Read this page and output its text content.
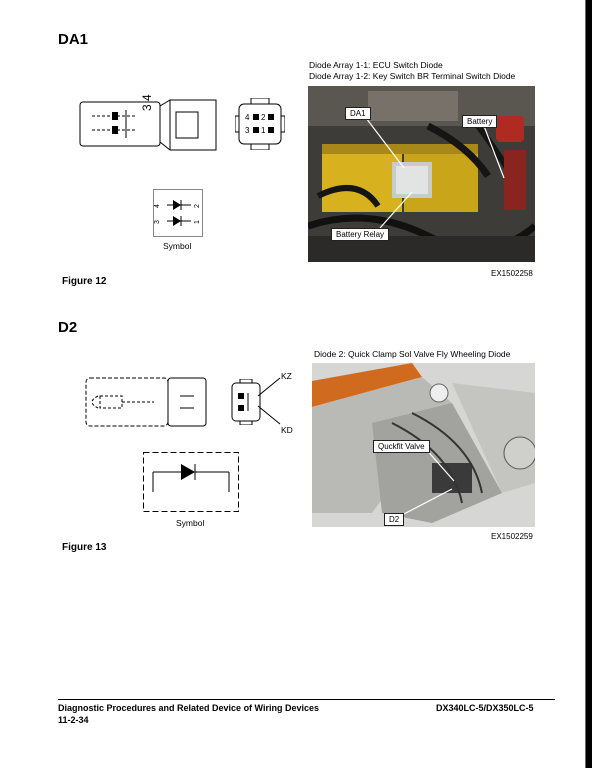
DA1
3 4
4 2
3 1
4	2
3	1
Symbol
Diode Array 1-1: ECU Switch Diode
Diode Array 1-2: Key Switch BR Terminal Switch Diode
DA1
Battery
Battery Relay
EX1502258
Figure 12
D2
KZ
KD
Symbol
Diode 2: Quick Clamp Sol Valve Fly Wheeling Diode
Quckfit Valve
D2
EX1502259
Figure 13
Diagnostic Procedures and Related Device of Wiring Devices
11-2-34
DX340LC-5/DX350LC-5
